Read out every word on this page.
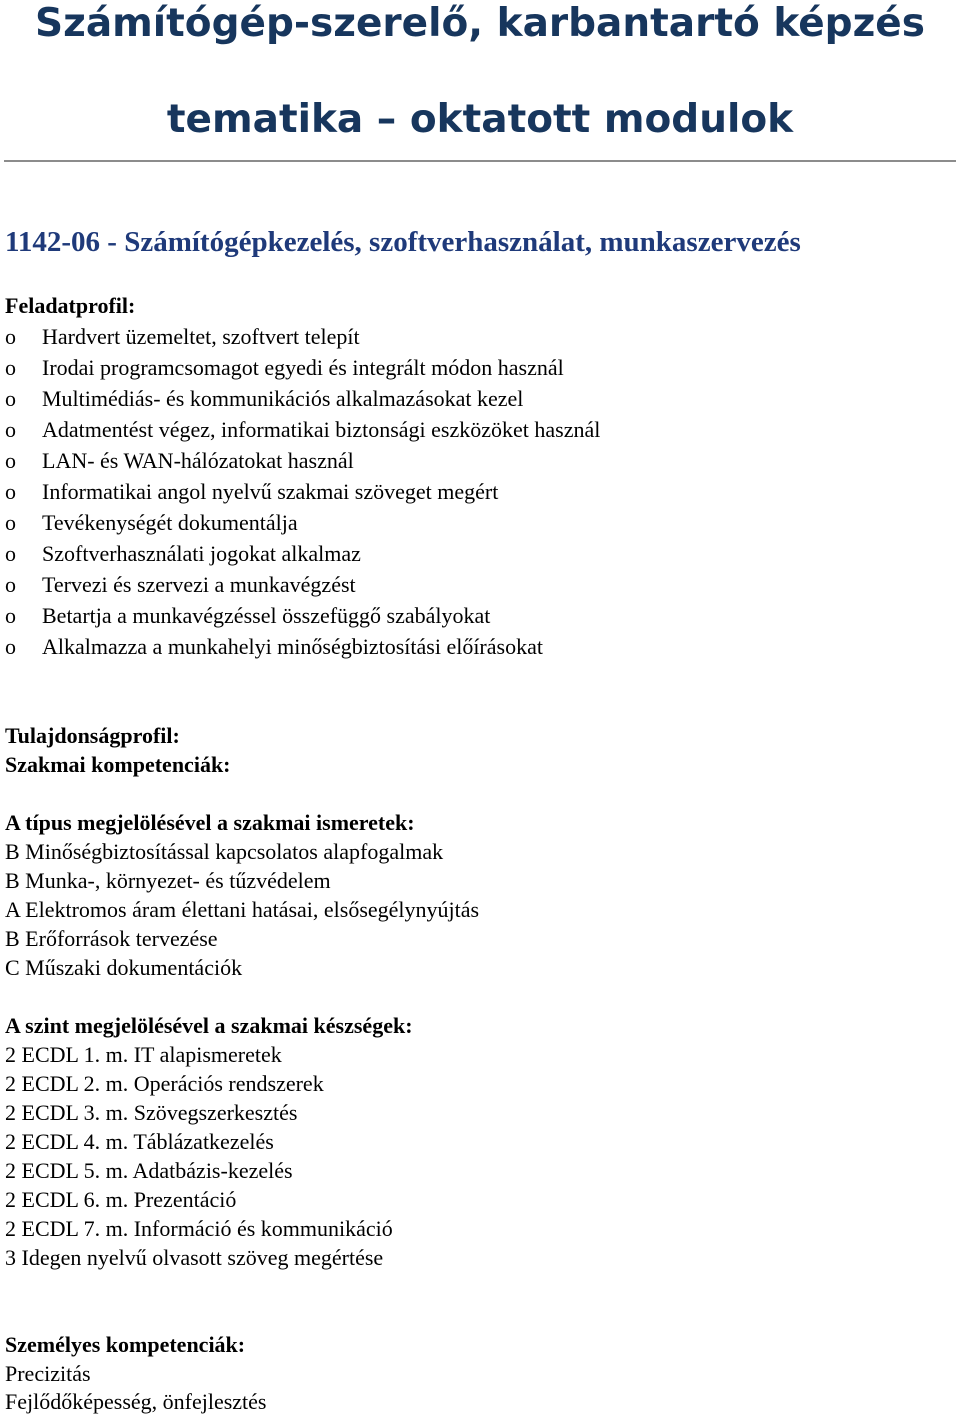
Számítógép-szerelő, karbantartó képzés
tematika – oktatott modulok
1142-06 - Számítógépkezelés, szoftverhasználat, munkaszervezés
Feladatprofil:
o Hardvert üzemeltet, szoftvert telepít
o Irodai programcsomagot egyedi és integrált módon használ
o Multimédiás- és kommunikációs alkalmazásokat kezel
o Adatmentést végez, informatikai biztonsági eszközöket használ
o LAN- és WAN-hálózatokat használ
o Informatikai angol nyelvű szakmai szöveget megért
o Tevékenységét dokumentálja
o Szoftverhasználati jogokat alkalmaz
o Tervezi és szervezi a munkavégzést
o Betartja a munkavégzéssel összefüggő szabályokat
o Alkalmazza a munkahelyi minőségbiztosítási előírásokat
Tulajdonságprofil:
Szakmai kompetenciák:
A típus megjelölésével a szakmai ismeretek:
B Minőségbiztosítással kapcsolatos alapfogalmak
B Munka-, környezet- és tűzvédelem
A Elektromos áram élettani hatásai, elsősegélynyújtás
B Erőforrások tervezése
C Műszaki dokumentációk
A szint megjelölésével a szakmai készségek:
2 ECDL 1. m. IT alapismeretek
2 ECDL 2. m. Operációs rendszerek
2 ECDL 3. m. Szövegszerkesztés
2 ECDL 4. m. Táblázatkezelés
2 ECDL 5. m. Adatbázis-kezelés
2 ECDL 6. m. Prezentáció
2 ECDL 7. m. Információ és kommunikáció
3 Idegen nyelvű olvasott szöveg megértése
Személyes kompetenciák:
Precizitás
Fejlődőképesség, önfejlesztés
